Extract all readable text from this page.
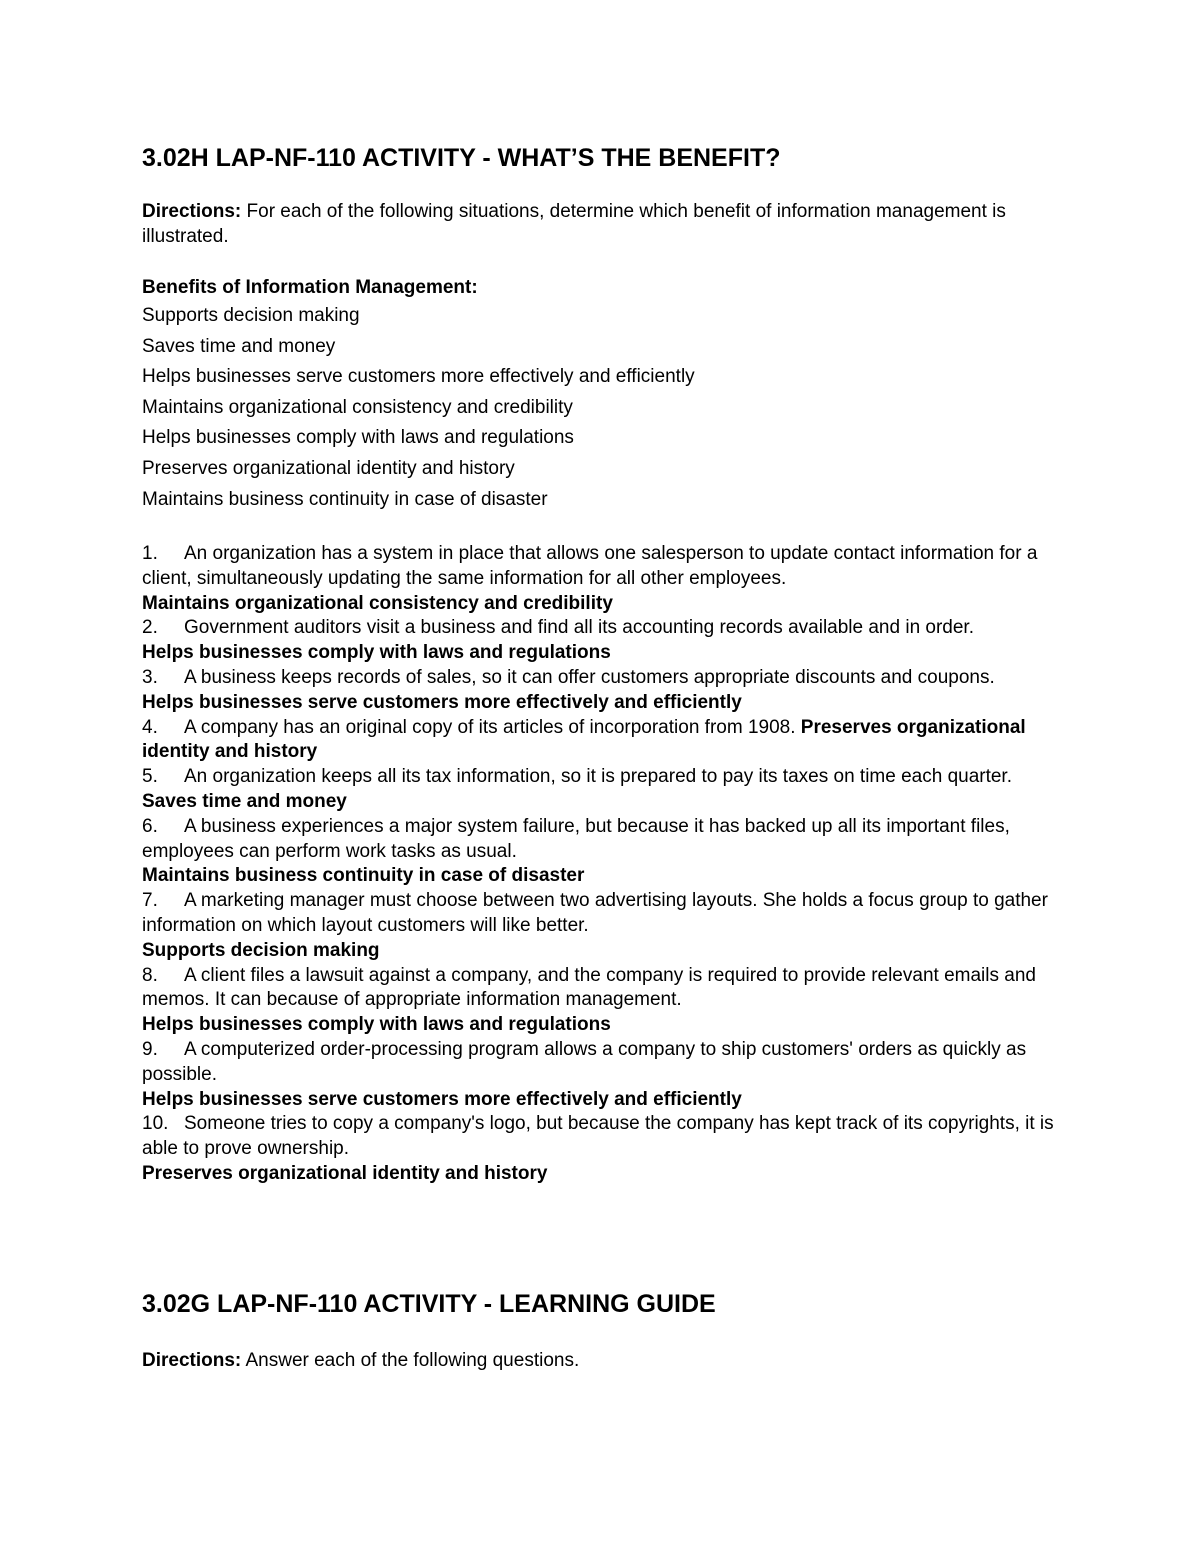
3.02H LAP-NF-110 ACTIVITY - WHAT’S THE BENEFIT?
Directions: For each of the following situations, determine which benefit of information management is illustrated.
Benefits of Information Management:
Supports decision making
Saves time and money
Helps businesses serve customers more effectively and efficiently
Maintains organizational consistency and credibility
Helps businesses comply with laws and regulations
Preserves organizational identity and history
Maintains business continuity in case of disaster
1. An organization has a system in place that allows one salesperson to update contact information for a client, simultaneously updating the same information for all other employees.
Maintains organizational consistency and credibility
2. Government auditors visit a business and find all its accounting records available and in order.
Helps businesses comply with laws and regulations
3. A business keeps records of sales, so it can offer customers appropriate discounts and coupons.
Helps businesses serve customers more effectively and efficiently
4. A company has an original copy of its articles of incorporation from 1908. Preserves organizational identity and history
5. An organization keeps all its tax information, so it is prepared to pay its taxes on time each quarter.
Saves time and money
6. A business experiences a major system failure, but because it has backed up all its important files, employees can perform work tasks as usual.
Maintains business continuity in case of disaster
7. A marketing manager must choose between two advertising layouts. She holds a focus group to gather information on which layout customers will like better.
Supports decision making
8. A client files a lawsuit against a company, and the company is required to provide relevant emails and memos. It can because of appropriate information management.
Helps businesses comply with laws and regulations
9. A computerized order-processing program allows a company to ship customers' orders as quickly as possible.
Helps businesses serve customers more effectively and efficiently
10. Someone tries to copy a company's logo, but because the company has kept track of its copyrights, it is able to prove ownership.
Preserves organizational identity and history
3.02G LAP-NF-110 ACTIVITY - LEARNING GUIDE
Directions: Answer each of the following questions.
